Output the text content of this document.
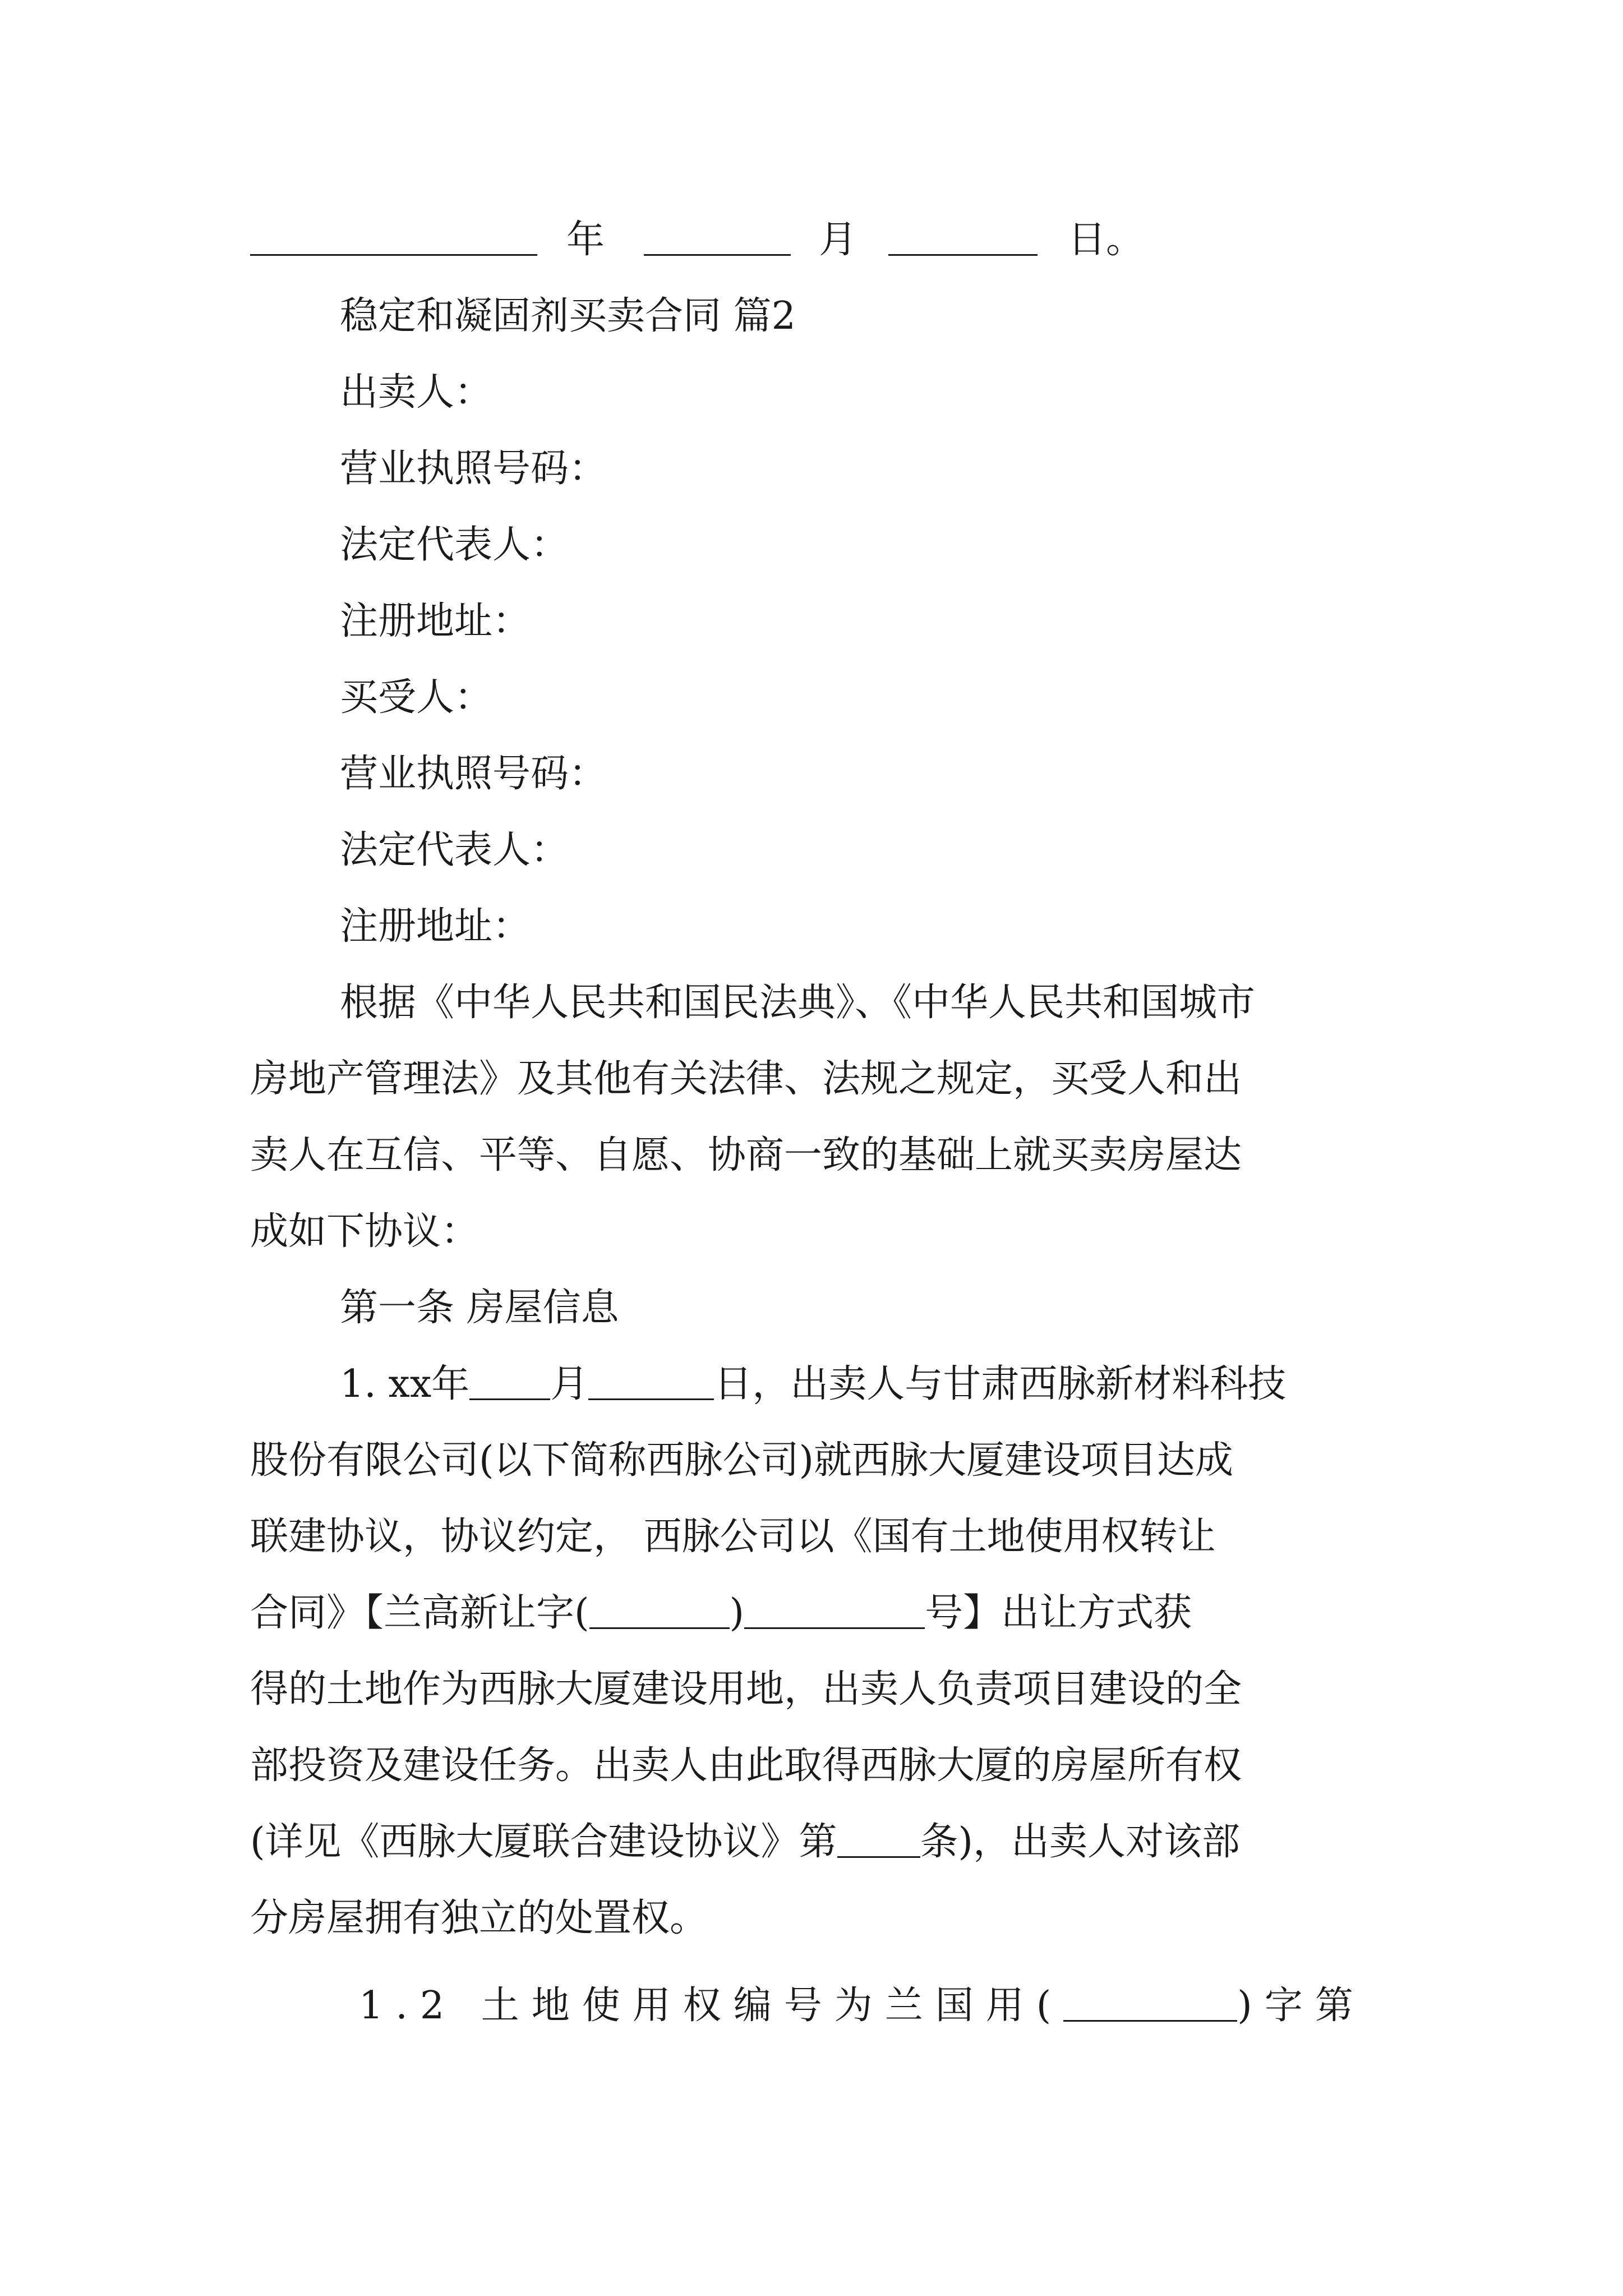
年	月	日。
稳定和凝固剂买卖合同 篇2
出卖人：
营业执照号码：
法定代表人：
注册地址：
买受人：
营业执照号码：
法定代表人：
注册地址：
根据《中华人民共和国民法典》、《中华人民共和国城市
房地产管理法》及其他有关法律、法规之规定，买受人和出
卖人在互信、平等、自愿、协商一致的基础上就买卖房屋达
成如下协议：
第一条 房屋信息
1. xx年 月	日，出卖人与甘肃西脉新材料科技
股份有限公司(以下简称西脉公司)就西脉大厦建设项目达成
联建协议，协议约定， 西脉公司以《国有土地使用权转让
合同》【兰高新让字(	)	号】出让方式获
得的土地作为西脉大厦建设用地，出卖人负责项目建设的全
部投资及建设任务。出卖人由此取得西脉大厦的房屋所有权
(详见《西脉大厦联合建设协议》第 条)，出卖人对该部
分房屋拥有独立的处置权。
1.2 土地使用权编号为兰国用(	)字第
